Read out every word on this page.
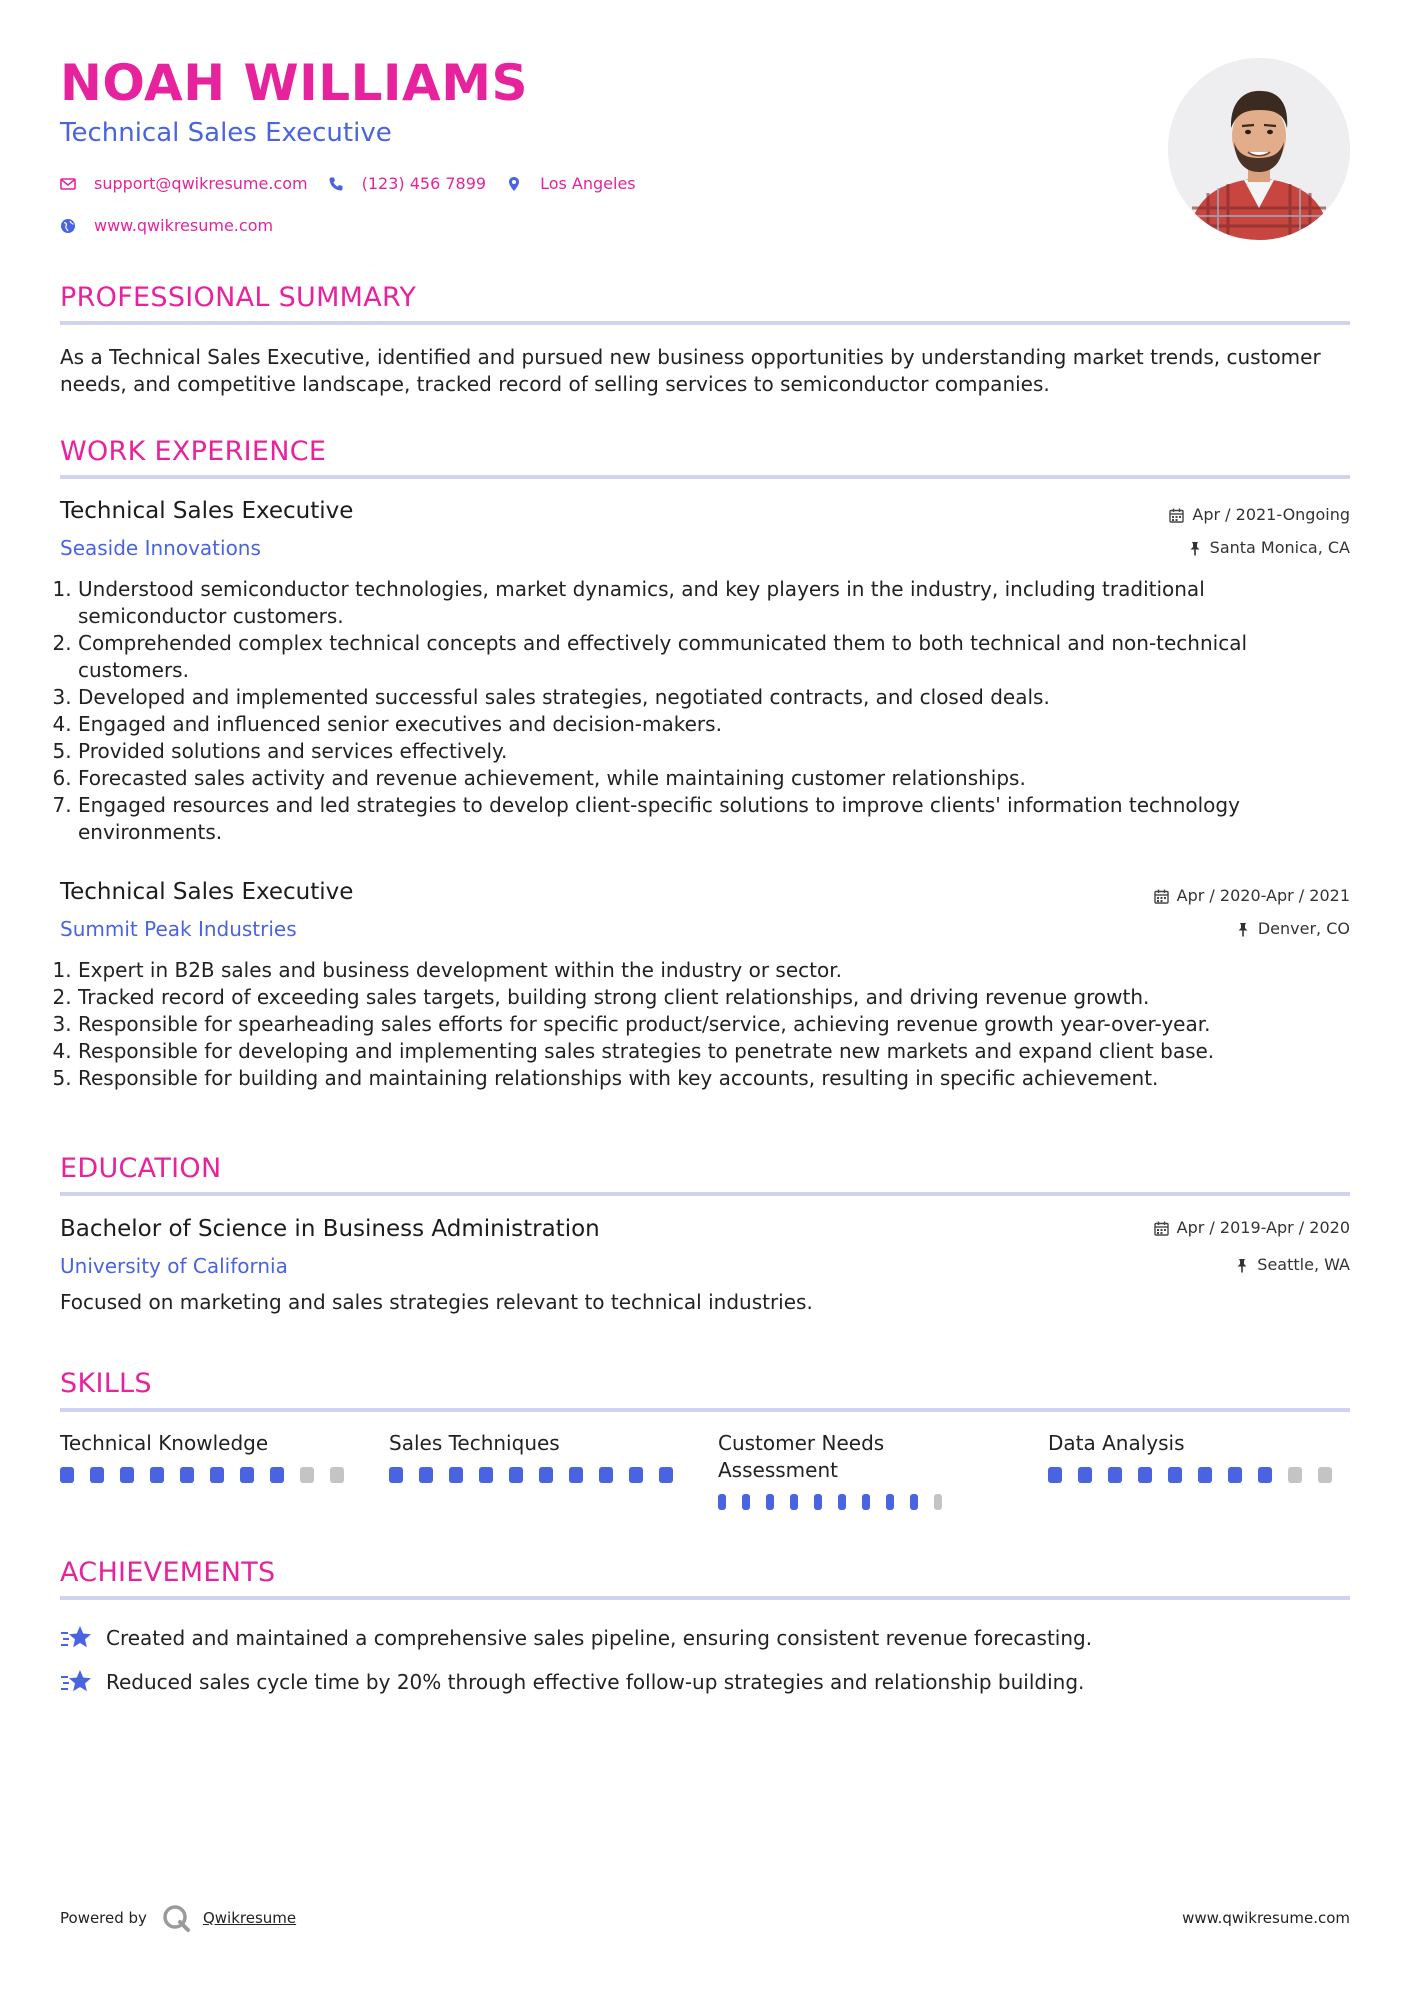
NOAH WILLIAMS
Technical Sales Executive
support@qwikresume.com	(123) 456 7899	Los Angeles
www.qwikresume.com
PROFESSIONAL SUMMARY
As a Technical Sales Executive, identified and pursued new business opportunities by understanding market trends, customer needs, and competitive landscape, tracked record of selling services to semiconductor companies.
WORK EXPERIENCE
Technical Sales Executive	Apr / 2021-Ongoing
Seaside Innovations	Santa Monica, CA
1. Understood semiconductor technologies, market dynamics, and key players in the industry, including traditional semiconductor customers.
2. Comprehended complex technical concepts and effectively communicated them to both technical and non-technical customers.
3. Developed and implemented successful sales strategies, negotiated contracts, and closed deals.
4. Engaged and influenced senior executives and decision-makers.
5. Provided solutions and services effectively.
6. Forecasted sales activity and revenue achievement, while maintaining customer relationships.
7. Engaged resources and led strategies to develop client-specific solutions to improve clients' information technology environments.
Technical Sales Executive	Apr / 2020-Apr / 2021
Summit Peak Industries	Denver, CO
1. Expert in B2B sales and business development within the industry or sector.
2. Tracked record of exceeding sales targets, building strong client relationships, and driving revenue growth.
3. Responsible for spearheading sales efforts for specific product/service, achieving revenue growth year-over-year.
4. Responsible for developing and implementing sales strategies to penetrate new markets and expand client base.
5. Responsible for building and maintaining relationships with key accounts, resulting in specific achievement.
EDUCATION
Bachelor of Science in Business Administration	Apr / 2019-Apr / 2020
University of California	Seattle, WA
Focused on marketing and sales strategies relevant to technical industries.
SKILLS
Technical Knowledge	Sales Techniques	Customer Needs Assessment
Data Analysis
ACHIEVEMENTS
Created and maintained a comprehensive sales pipeline, ensuring consistent revenue forecasting.
Reduced sales cycle time by 20% through effective follow-up strategies and relationship building.
Powered by	Qwikresume	www.qwikresume.com
